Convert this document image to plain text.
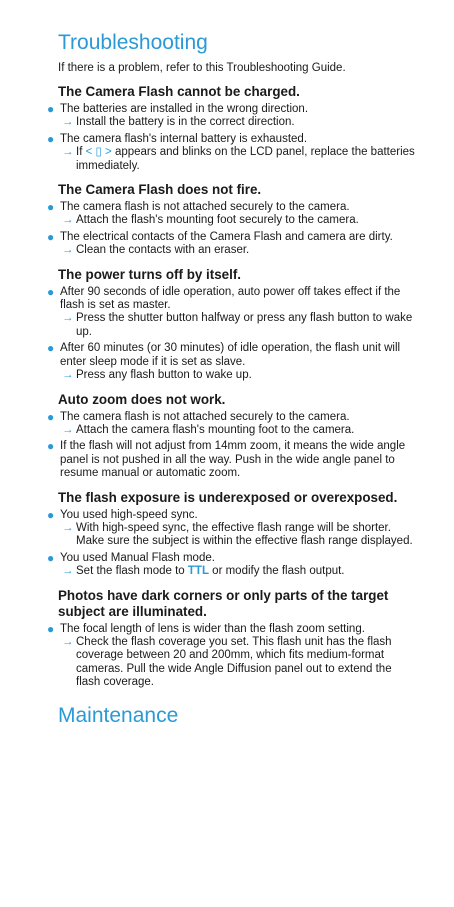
Troubleshooting

If there is a problem, refer to this Troubleshooting Guide.

The Camera Flash cannot be charged.
● The batteries are installed in the wrong direction.
→ Install the battery is in the correct direction.
● The camera flash's internal battery is exhausted.
→ If < ▯ > appears and blinks on the LCD panel, replace the batteries immediately.
The Camera Flash does not fire.
● The camera flash is not attached securely to the camera.
→ Attach the flash's mounting foot securely to the camera.
● The electrical contacts of the Camera Flash and camera are dirty.
→ Clean the contacts with an eraser.
The power turns off by itself.
● After 90 seconds of idle operation, auto power off takes effect if the flash is set as master.
→ Press the shutter button halfway or press any flash button to wake up.
● After 60 minutes (or 30 minutes) of idle operation, the flash unit will enter sleep mode if it is set as slave.
→ Press any flash button to wake up.
Auto zoom does not work.
● The camera flash is not attached securely to the camera.
→ Attach the camera flash's mounting foot to the camera.
● If the flash will not adjust from 14mm zoom, it means the wide angle panel is not pushed in all the way. Push in the wide angle panel to resume manual or automatic zoom.
The flash exposure is underexposed or overexposed.
● You used high-speed sync.
→ With high-speed sync, the effective flash range will be shorter. Make sure the subject is within the effective flash range displayed.
● You used Manual Flash mode.
→ Set the flash mode to TTL or modify the flash output.
Photos have dark corners or only parts of the target subject are illuminated.
● The focal length of lens is wider than the flash zoom setting.
→ Check the flash coverage you set. This flash unit has the flash coverage between 20 and 200mm, which fits medium-format cameras. Pull the wide Angle Diffusion panel out to extend the flash coverage.
Maintenance
